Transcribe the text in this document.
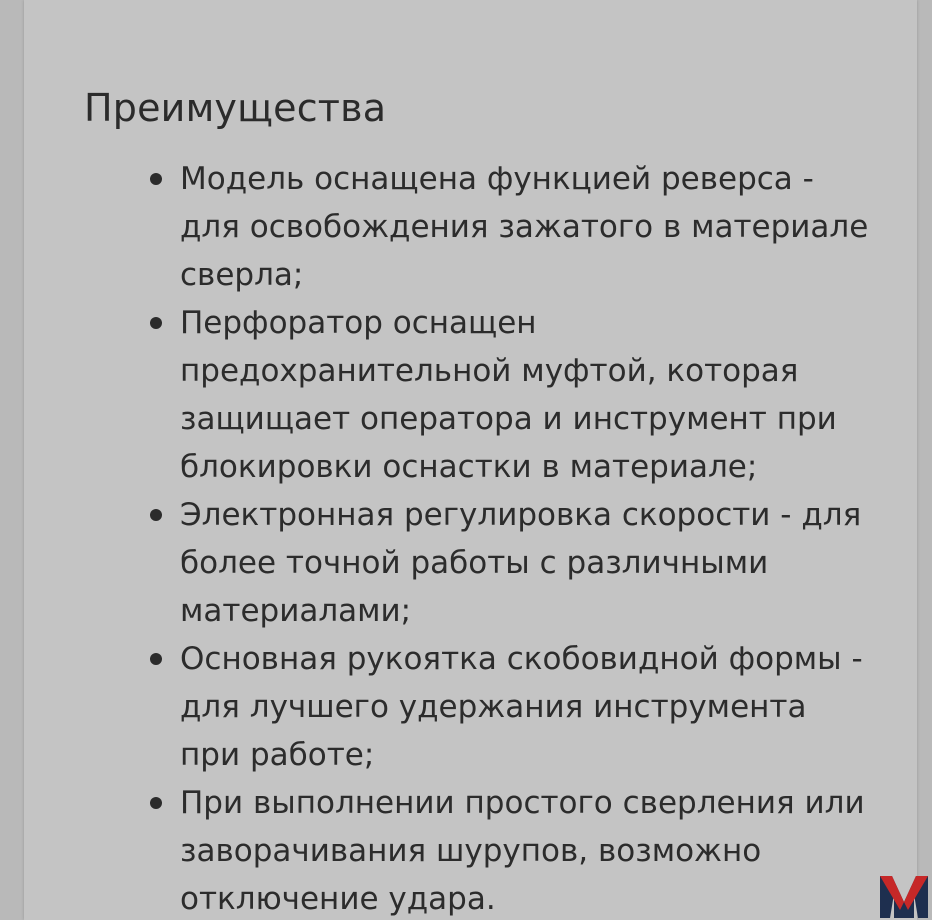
Преимущества
Модель оснащена функцией реверса - для освобождения зажатого в материале сверла;
Перфоратор оснащен предохранительной муфтой, которая защищает оператора и инструмент при блокировки оснастки в материале;
Электронная регулировка скорости - для более точной работы с различными материалами;
Основная рукоятка скобовидной формы - для лучшего удержания инструмента при работе;
При выполнении простого сверления или заворачивания шурупов, возможно отключение удара.
